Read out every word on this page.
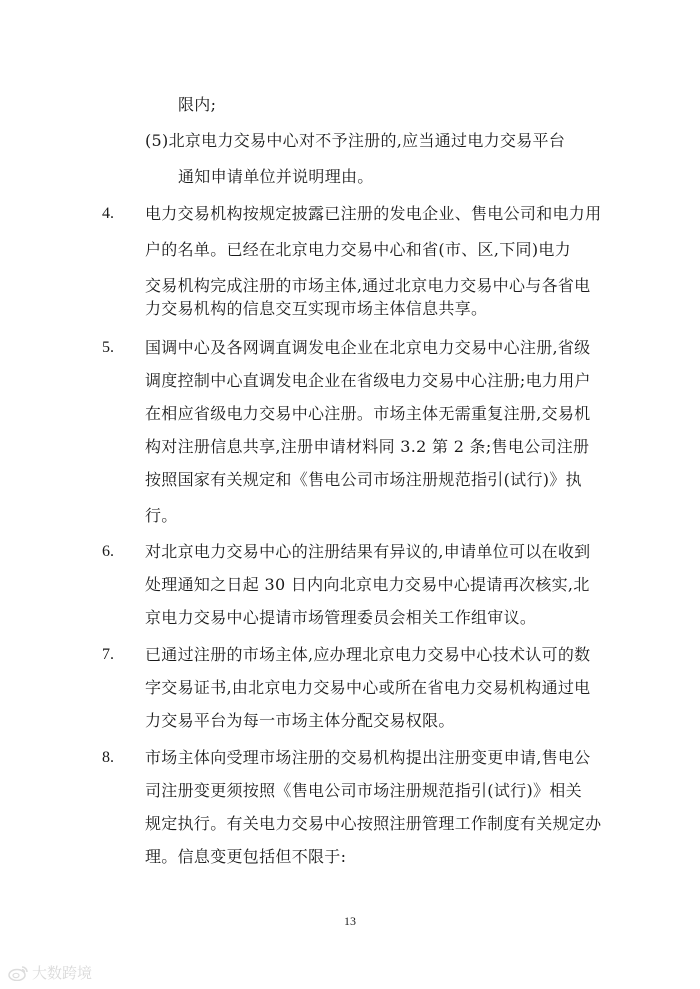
限内;
(5)北京电力交易中心对不予注册的,应当通过电力交易平台
通知申请单位并说明理由。
4. 电力交易机构按规定披露已注册的发电企业、售电公司和电力用
户的名单。已经在北京电力交易中心和省(市、区,下同)电力
交易机构完成注册的市场主体,通过北京电力交易中心与各省电
力交易机构的信息交互实现市场主体信息共享。
5. 国调中心及各网调直调发电企业在北京电力交易中心注册,省级
调度控制中心直调发电企业在省级电力交易中心注册;电力用户
在相应省级电力交易中心注册。市场主体无需重复注册,交易机
构对注册信息共享,注册申请材料同 3.2 第 2 条;售电公司注册
按照国家有关规定和《售电公司市场注册规范指引(试行)》执
行。
6. 对北京电力交易中心的注册结果有异议的,申请单位可以在收到
处理通知之日起 30 日内向北京电力交易中心提请再次核实,北
京电力交易中心提请市场管理委员会相关工作组审议。
7. 已通过注册的市场主体,应办理北京电力交易中心技术认可的数
字交易证书,由北京电力交易中心或所在省电力交易机构通过电
力交易平台为每一市场主体分配交易权限。
8. 市场主体向受理市场注册的交易机构提出注册变更申请,售电公
司注册变更须按照《售电公司市场注册规范指引(试行)》相关
规定执行。有关电力交易中心按照注册管理工作制度有关规定办
理。信息变更包括但不限于:
13
大数跨境
